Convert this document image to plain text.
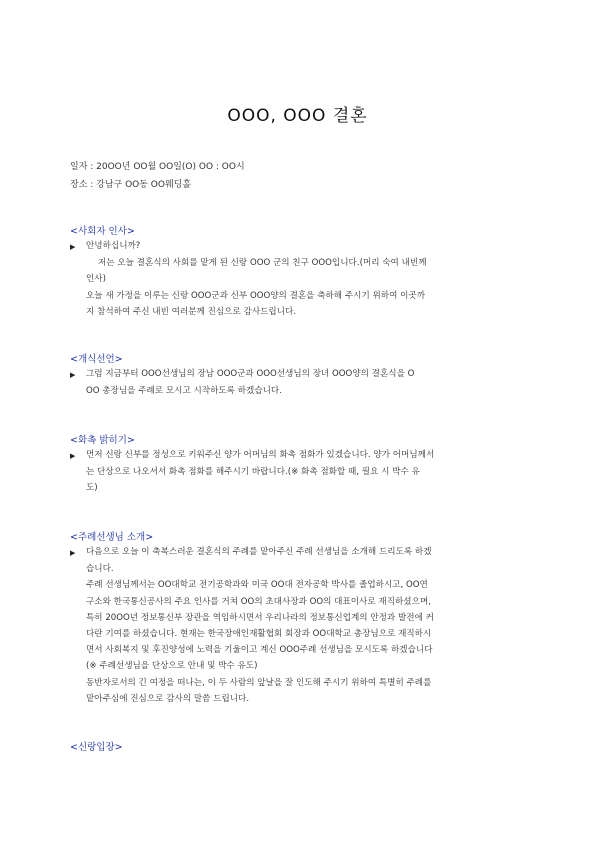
OOO, OOO 결혼
일자 : 20OO년 OO월 OO일(O) OO : OO시
장소 : 강남구 OO동 OO웨딩홀
<사회자 인사>
▶	안녕하십니까?
저는 오늘 결혼식의 사회를 맡게 된 신랑 OOO 군의 친구 OOO입니다.(머리 숙여 내빈께
인사)
오늘 새 가정을 이루는 신랑 OOO군과 신부 OOO양의 결혼을 축하해 주시기 위하여 이곳까
지 참석하여 주신 내빈 여러분께 진심으로 감사드립니다.
<개식선언>
▶	그럼 지금부터 OOO선생님의 장남 OOO군과 OOO선생님의 장녀 OOO양의 결혼식을 O
OO 총장님을 주례로 모시고 시작하도록 하겠습니다.
<화촉 밝히기>
▶	먼저 신랑 신부를 정성으로 키워주신 양가 어머님의 화촉 점화가 있겠습니다. 양가 어머님께서
는 단상으로 나오셔서 화촉 점화를 해주시기 바랍니다.(※ 화촉 점화할 때, 필요 시 박수 유
도)
<주례선생님 소개>
▶	다음으로 오늘 이 축복스러운 결혼식의 주례를 맡아주신 주례 선생님을 소개해 드리도록 하겠
습니다.
주례 선생님께서는 OO대학교 전기공학과와 미국 OO대 전자공학 박사를 졸업하시고, OO연
구소와 한국통신공사의 주요 인사를 거쳐 OO의 초대사장과 OO의 대표이사로 재직하셨으며,
특히 20OO년 정보통신부 장관을 역임하시면서 우리나라의 정보통신업계의 안정과 발전에 커
다란 기여를 하셨습니다. 현재는 한국장애인재활협회 회장과 OO대학교 총장님으로 재직하시
면서 사회복지 및 후진양성에 노력을 기울이고 계신 OOO주례 선생님을 모시도록 하겠습니다
(※ 주례선생님을 단상으로 안내 및 박수 유도)
동반자로서의 긴 여정을 떠나는, 이 두 사람의 앞날을 잘 인도해 주시기 위하여 특별히 주례를
맡아주심에 진심으로 감사의 말씀 드립니다.
<신랑입장>
